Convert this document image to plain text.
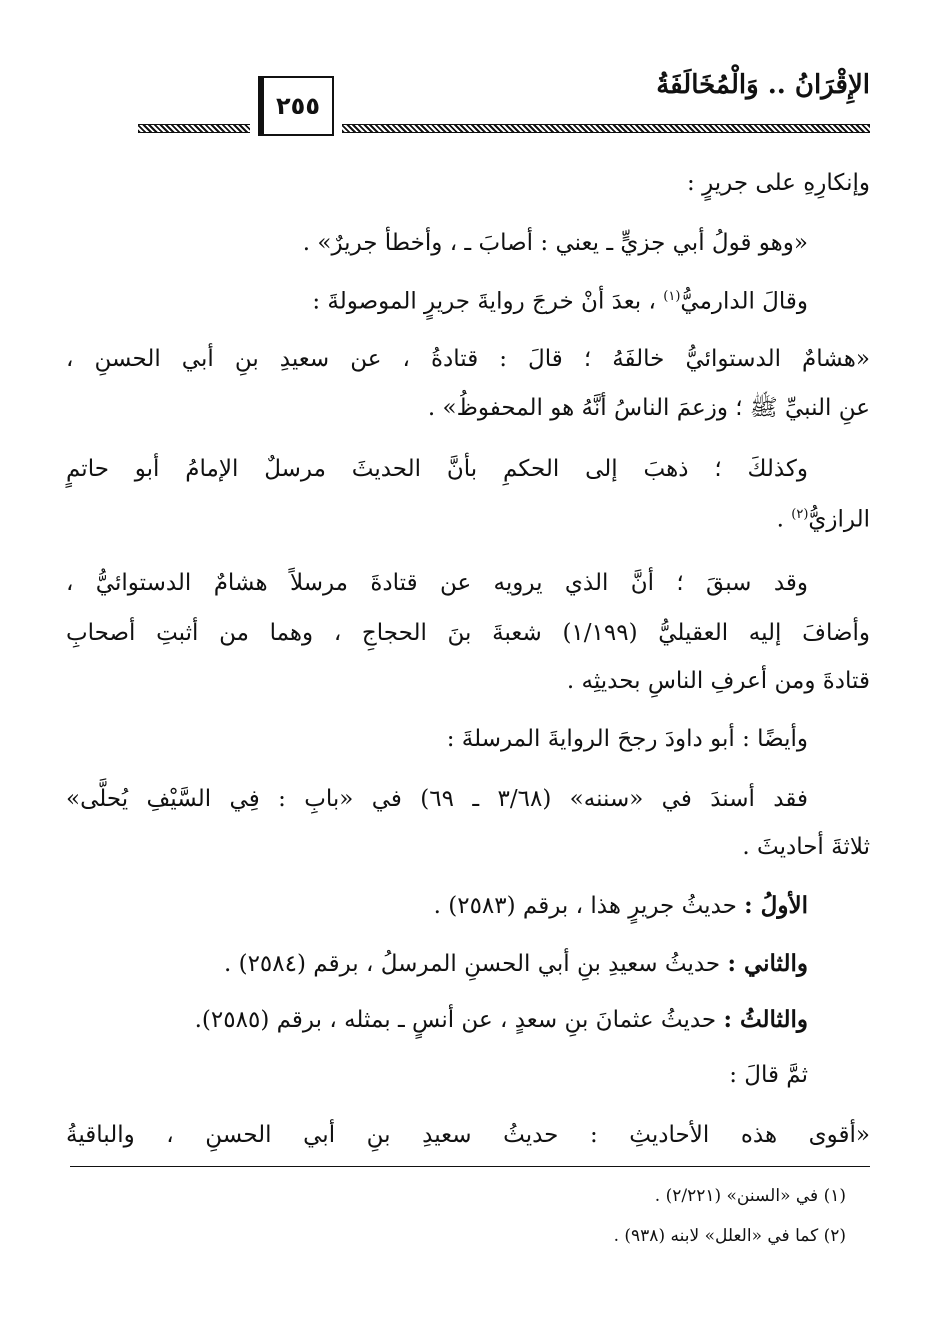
الإِقْرَانُ .. وَالْمُخَالَفَةُ
٢٥٥
وإنكارِهِ على جريرٍ :
«وهو قولُ أبي جزيٍّ ـ يعني : أصابَ ـ ، وأخطأ جريرٌ» .
وقالَ الدارميُّ$^{(١)}$ ، بعدَ أنْ خرجَ روايةَ جريرٍ الموصولةَ :
«هشامٌ الدستوائيُّ خالفَهُ ؛ قالَ : قتادةُ ، عن سعيدِ بنِ أبي الحسنِ ،
عنِ النبيِّ ﷺ ؛ وزعمَ الناسُ أنَّهُ هو المحفوظُ» .
وكذلكَ ؛ ذهبَ إلى الحكمِ بأنَّ الحديثَ مرسلٌ الإمامُ أبو حاتمٍ
الرازيُّ$^{(٢)}$ .
وقد سبقَ ؛ أنَّ الذي يرويه عن قتادةَ مرسلاً هشامٌ الدستوائيُّ ،
وأضافَ إليه العقيليُّ (١/١٩٩) شعبةَ بنَ الحجاجِ ، وهما من أثبتِ أصحابِ
قتادةَ ومن أعرفِ الناسِ بحديثِه .
وأيضًا : أبو داودَ رجحَ الروايةَ المرسلةَ :
فقد أسندَ في «سننه» (٣/٦٨ ـ ٦٩) في «بابِ : فِي السَّيْفِ يُحلَّى»
ثلاثةَ أحاديثَ .
الأولُ : حديثُ جريرٍ هذا ، برقم (٢٥٨٣) .
والثاني : حديثُ سعيدِ بنِ أبي الحسنِ المرسلُ ، برقم (٢٥٨٤) .
والثالثُ : حديثُ عثمانَ بنِ سعدٍ ، عن أنسٍ ـ بمثله ، برقم (٢٥٨٥).
ثمَّ قالَ :
«أقوى هذه الأحاديثِ : حديثُ سعيدِ بنِ أبي الحسنِ ، والباقيةُ
(١) في «السنن» (٢/٢٢١) .
(٢) كما في «العلل» لابنه (٩٣٨) .
